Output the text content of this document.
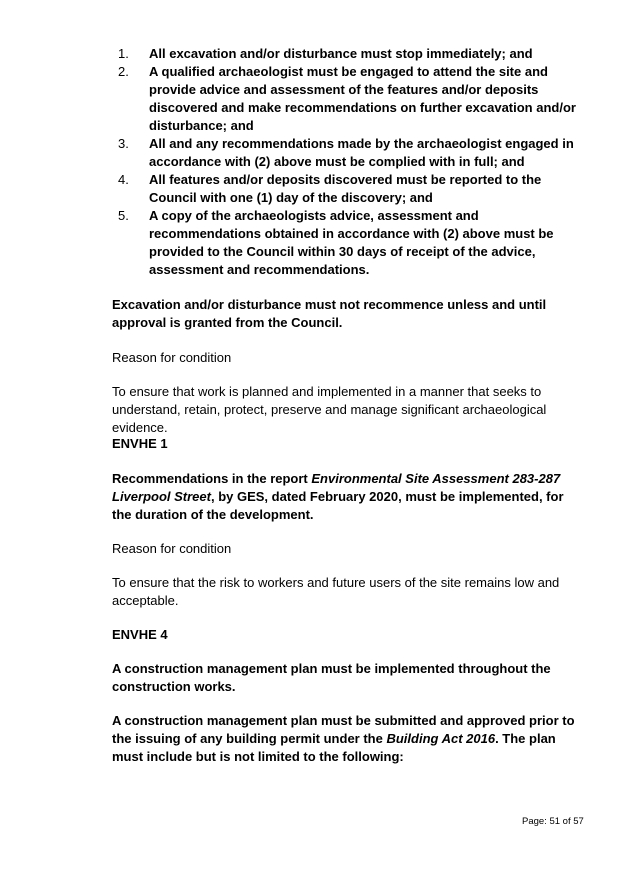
1. All excavation and/or disturbance must stop immediately; and
2. A qualified archaeologist must be engaged to attend the site and provide advice and assessment of the features and/or deposits discovered and make recommendations on further excavation and/or disturbance; and
3. All and any recommendations made by the archaeologist engaged in accordance with (2) above must be complied with in full; and
4. All features and/or deposits discovered must be reported to the Council with one (1) day of the discovery; and
5. A copy of the archaeologists advice, assessment and recommendations obtained in accordance with (2) above must be provided to the Council within 30 days of receipt of the advice, assessment and recommendations.

Excavation and/or disturbance must not recommence unless and until approval is granted from the Council.

Reason for condition

To ensure that work is planned and implemented in a manner that seeks to understand, retain, protect, preserve and manage significant archaeological evidence.

ENVHE 1

Recommendations in the report Environmental Site Assessment 283-287 Liverpool Street, by GES, dated February 2020, must be implemented, for the duration of the development.

Reason for condition

To ensure that the risk to workers and future users of the site remains low and acceptable.

ENVHE 4

A construction management plan must be implemented throughout the construction works.

A construction management plan must be submitted and approved prior to the issuing of any building permit under the Building Act 2016. The plan must include but is not limited to the following:

Page: 51 of 57
